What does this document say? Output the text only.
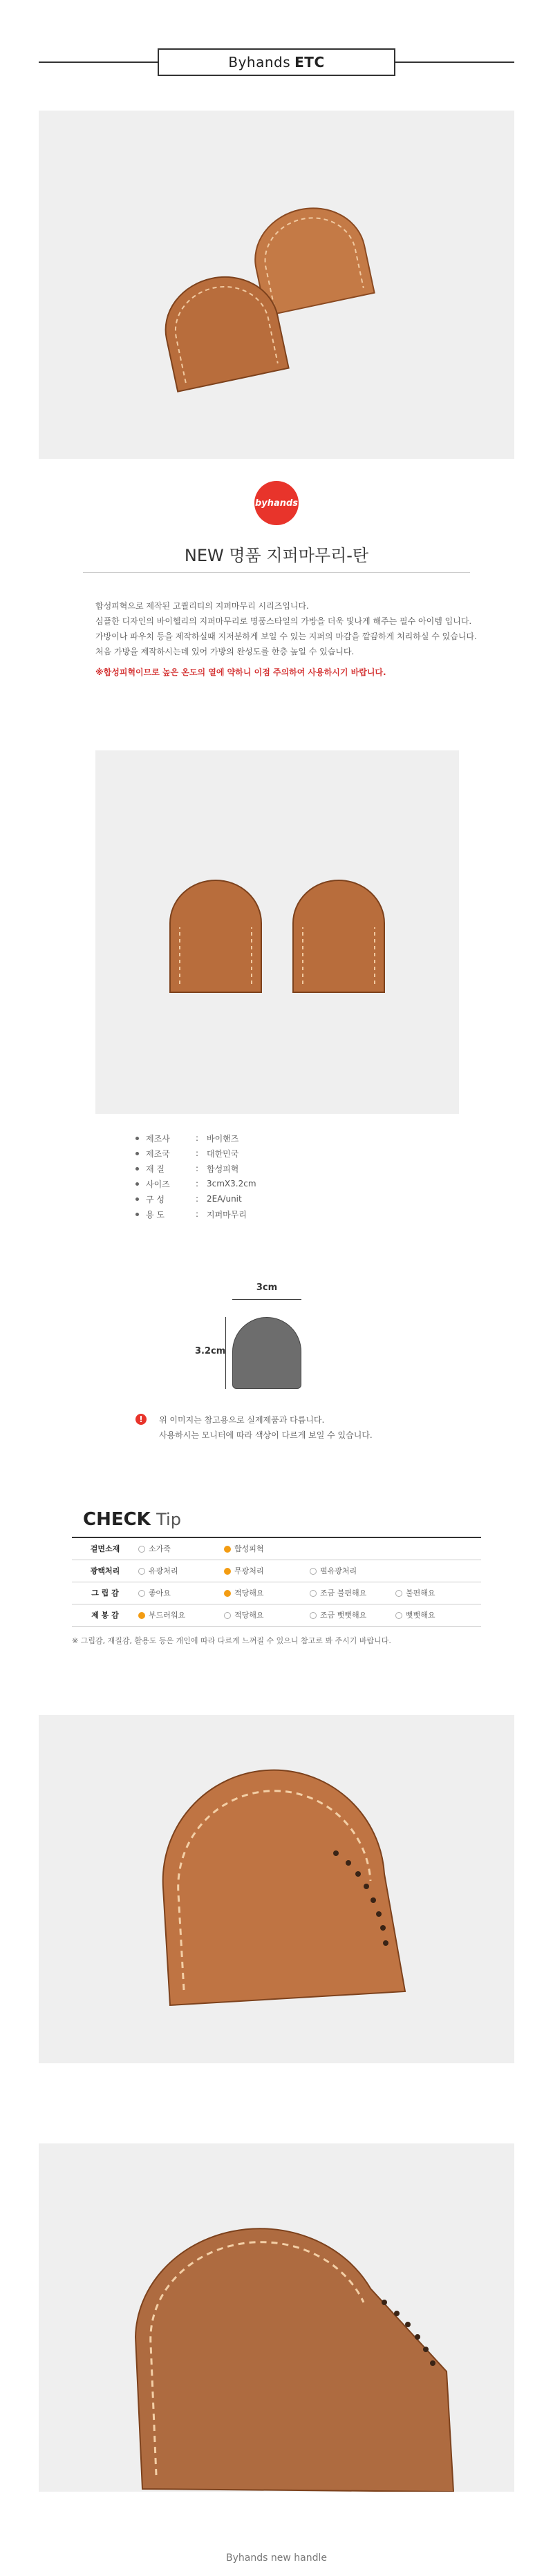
Byhands ETC
byhands
NEW 명품 지퍼마무리-탄

합성피혁으로 제작된 고퀄리티의 지퍼마무리 시리즈입니다.

심플한 디자인의 바이헬리의 지퍼마무리로 명품스타일의 가방을 더욱 빛나게 해주는 필수 아이템 입니다.

가방이나 파우치 등을 제작하실때 지저분하게 보일 수 있는 지퍼의 마감을 깔끔하게 처리하실 수 있습니다.

처음 가방을 제작하시는데 있어 가방의 완성도를 한층 높일 수 있습니다.

※합성피혁이므로 높은 온도의 열에 약하니 이점 주의하여 사용하시기 바랍니다.
제조사	: 바이핸즈
제조국	: 대한민국
재 질	: 합성피혁
사이즈	: 3cmX3.2cm
구 성	: 2EA/unit
용 도	: 지퍼마무리
3cm
3.2cm
!	위 이미지는 참고용으로 실제제품과 다릅니다.
사용하시는 모니터에 따라 색상이 다르게 보일 수 있습니다.
CHECK Tip
겉면소재	소가죽	합성피혁		
광택처리	유광처리	무광처리	펄유광처리	
그 립 감	좋아요	적당해요	조금 불편해요	불편해요
제 봉 감	부드러워요	적당해요	조금 뻣뻣해요	뻣뻣해요
※ 그립감, 재질감, 활용도 등은 개인에 따라 다르게 느껴질 수 있으니 참고로 봐 주시기 바랍니다.
Byhands new handle
